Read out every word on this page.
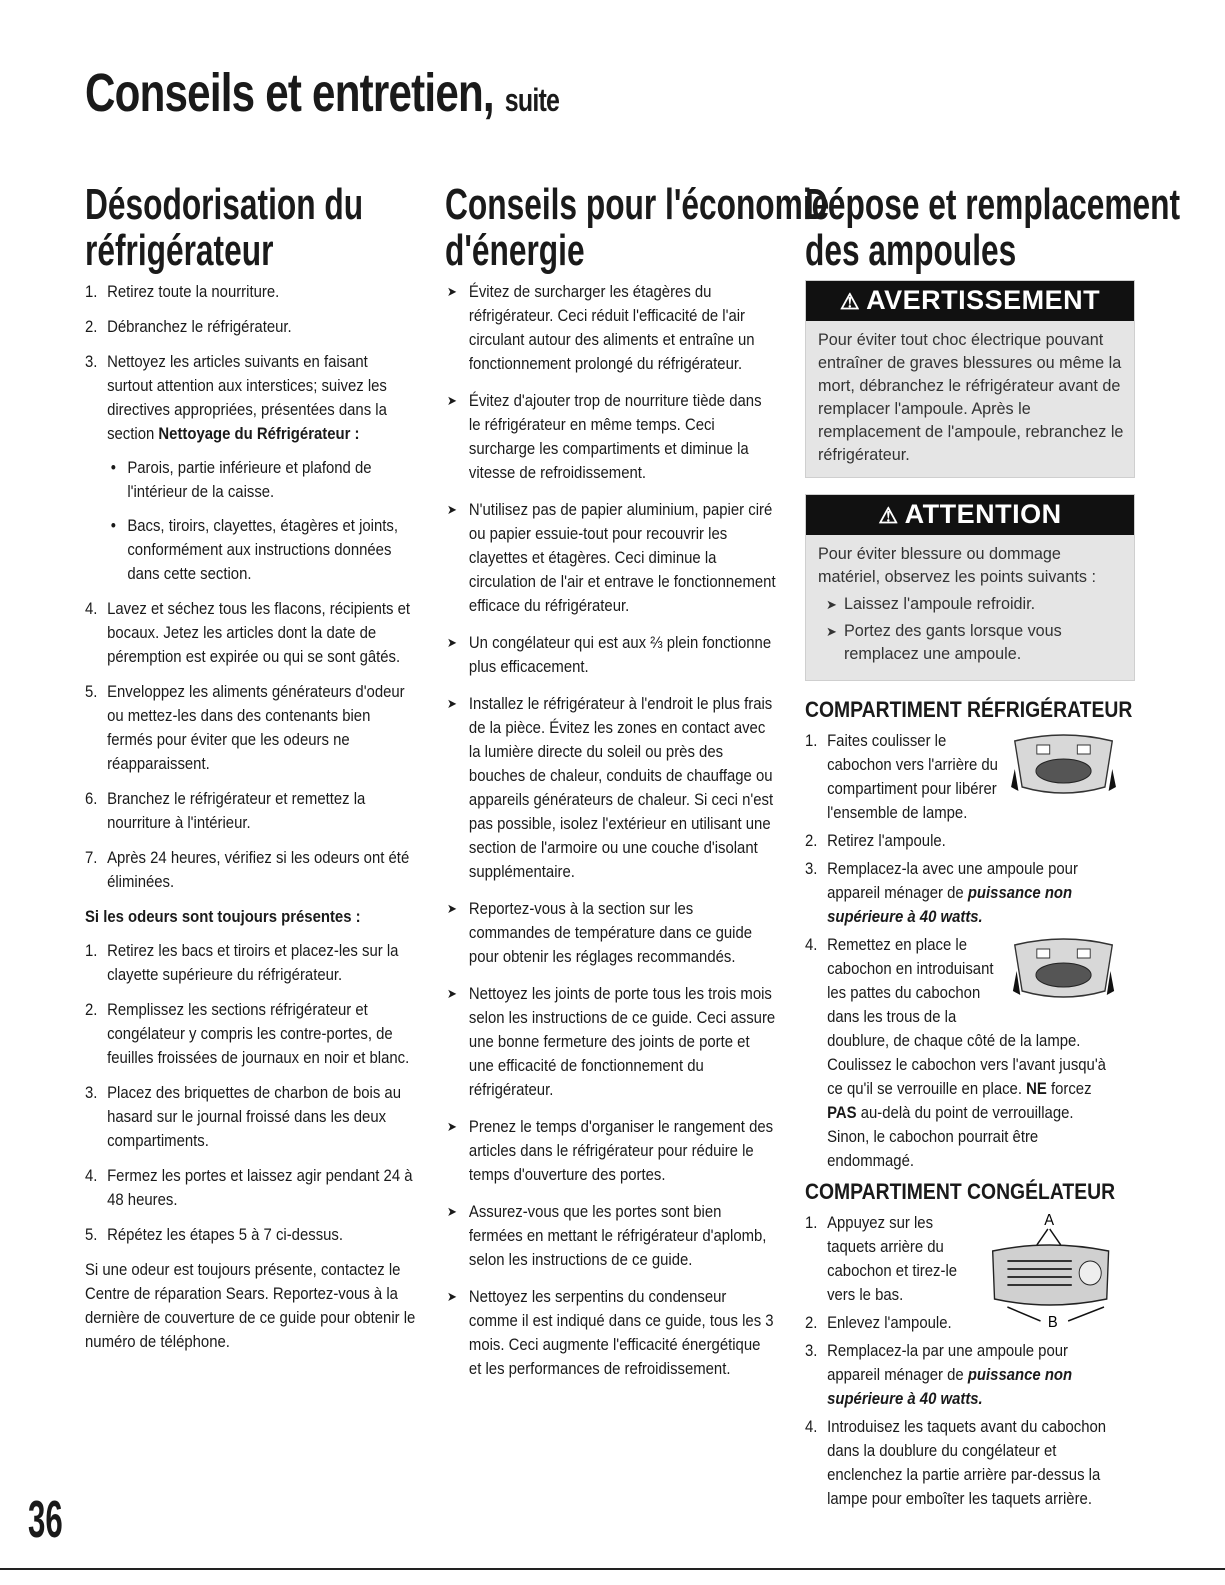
Conseils et entretien, suite
Désodorisation du
réfrigérateur
1. Retirez toute la nourriture.
2. Débranchez le réfrigérateur.
3. Nettoyez les articles suivants en faisant surtout attention aux interstices; suivez les directives appropriées, présentées dans la section Nettoyage du Réfrigérateur :
• Parois, partie inférieure et plafond de l'intérieur de la caisse.
• Bacs, tiroirs, clayettes, étagères et joints, conformément aux instructions données dans cette section.
4. Lavez et séchez tous les flacons, récipients et bocaux. Jetez les articles dont la date de péremption est expirée ou qui se sont gâtés.
5. Enveloppez les aliments générateurs d'odeur ou mettez-les dans des contenants bien fermés pour éviter que les odeurs ne réapparaissent.
6. Branchez le réfrigérateur et remettez la nourriture à l'intérieur.
7. Après 24 heures, vérifiez si les odeurs ont été éliminées.
Si les odeurs sont toujours présentes :
1. Retirez les bacs et tiroirs et placez-les sur la clayette supérieure du réfrigérateur.
2. Remplissez les sections réfrigérateur et congélateur y compris les contre-portes, de feuilles froissées de journaux en noir et blanc.
3. Placez des briquettes de charbon de bois au hasard sur le journal froissé dans les deux compartiments.
4. Fermez les portes et laissez agir pendant 24 à 48 heures.
5. Répétez les étapes 5 à 7 ci-dessus.

Si une odeur est toujours présente, contactez le Centre de réparation Sears. Reportez-vous à la dernière de couverture de ce guide pour obtenir le numéro de téléphone.

Conseils pour l'économie
d'énergie
➤ Évitez de surcharger les étagères du réfrigérateur. Ceci réduit l'efficacité de l'air circulant autour des aliments et entraîne un fonctionnement prolongé du réfrigérateur.
➤ Évitez d'ajouter trop de nourriture tiède dans le réfrigérateur en même temps. Ceci surcharge les compartiments et diminue la vitesse de refroidissement.
➤ N'utilisez pas de papier aluminium, papier ciré ou papier essuie-tout pour recouvrir les clayettes et étagères. Ceci diminue la circulation de l'air et entrave le fonctionnement efficace du réfrigérateur.
➤ Un congélateur qui est aux ⅔ plein fonctionne plus efficacement.
➤ Installez le réfrigérateur à l'endroit le plus frais de la pièce. Évitez les zones en contact avec la lumière directe du soleil ou près des bouches de chaleur, conduits de chauffage ou appareils générateurs de chaleur. Si ceci n'est pas possible, isolez l'extérieur en utilisant une section de l'armoire ou une couche d'isolant supplémentaire.
➤ Reportez-vous à la section sur les commandes de température dans ce guide pour obtenir les réglages recommandés.
➤ Nettoyez les joints de porte tous les trois mois selon les instructions de ce guide. Ceci assure une bonne fermeture des joints de porte et une efficacité de fonctionnement du réfrigérateur.
➤ Prenez le temps d'organiser le rangement des articles dans le réfrigérateur pour réduire le temps d'ouverture des portes.
➤ Assurez-vous que les portes sont bien fermées en mettant le réfrigérateur d'aplomb, selon les instructions de ce guide.
➤ Nettoyez les serpentins du condenseur comme il est indiqué dans ce guide, tous les 3 mois. Ceci augmente l'efficacité énergétique et les performances de refroidissement.
Dépose et remplacement
des ampoules
⚠ AVERTISSEMENT
Pour éviter tout choc électrique pouvant entraîner de graves blessures ou même la mort, débranchez le réfrigérateur avant de remplacer l'ampoule. Après le remplacement de l'ampoule, rebranchez le réfrigérateur.
⚠ ATTENTION
Pour éviter blessure ou dommage matériel, observez les points suivants :
➤ Laissez l'ampoule refroidir.
➤ Portez des gants lorsque vous remplacez une ampoule.
COMPARTIMENT RÉFRIGÉRATEUR
1. Faites coulisser le cabochon vers l'arrière du compartiment pour libérer l'ensemble de lampe.
2. Retirez l'ampoule.
3. Remplacez-la avec une ampoule pour appareil ménager de puissance non supérieure à 40 watts.
4. Remettez en place le cabochon en introduisant les pattes du cabochon dans les trous de la doublure, de chaque côté de la lampe. Coulissez le cabochon vers l'avant jusqu'à ce qu'il se verrouille en place. NE forcez PAS au-delà du point de verrouillage. Sinon, le cabochon pourrait être endommagé.
COMPARTIMENT CONGÉLATEUR
A
B
1. Appuyez sur les taquets arrière du cabochon et tirez-le vers le bas.
2. Enlevez l'ampoule.
3. Remplacez-la par une ampoule pour appareil ménager de puissance non supérieure à 40 watts.
4. Introduisez les taquets avant du cabochon dans la doublure du congélateur et enclenchez la partie arrière par-dessus la lampe pour emboîter les taquets arrière.
36
